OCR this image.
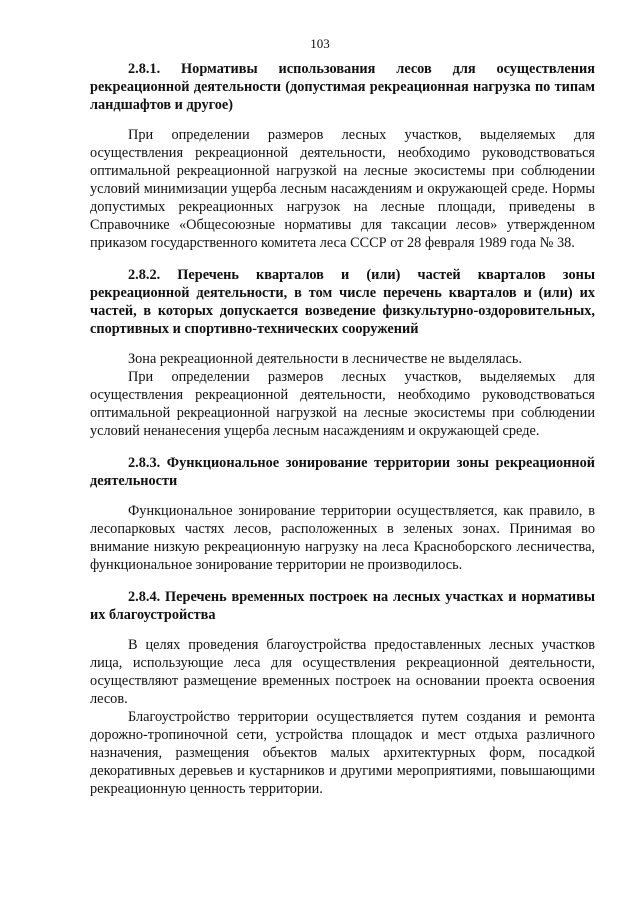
103
2.8.1. Нормативы использования лесов для осуществления рекреационной деятельности (допустимая рекреационная нагрузка по типам ландшафтов и другое)

При определении размеров лесных участков, выделяемых для осуществления рекреационной деятельности, необходимо руководствоваться оптимальной рекреационной нагрузкой на лесные экосистемы при соблюдении условий минимизации ущерба лесным насаждениям и окружающей среде. Нормы допустимых рекреационных нагрузок на лесные площади, приведены в Справочнике «Общесоюзные нормативы для таксации лесов» утвержденном приказом государственного комитета леса СССР от 28 февраля 1989 года № 38.

2.8.2. Перечень кварталов и (или) частей кварталов зоны рекреационной деятельности, в том числе перечень кварталов и (или) их частей, в которых допускается возведение физкультурно-оздоровительных, спортивных и спортивно-технических сооружений

Зона рекреационной деятельности в лесничестве не выделялась.

При определении размеров лесных участков, выделяемых для осуществления рекреационной деятельности, необходимо руководствоваться оптимальной рекреационной нагрузкой на лесные экосистемы при соблюдении условий ненанесения ущерба лесным насаждениям и окружающей среде.

2.8.3. Функциональное зонирование территории зоны рекреационной деятельности

Функциональное зонирование территории осуществляется, как правило, в лесопарковых частях лесов, расположенных в зеленых зонах. Принимая во внимание низкую рекреационную нагрузку на леса Красноборского лесничества, функциональное зонирование территории не производилось.

2.8.4. Перечень временных построек на лесных участках и нормативы их благоустройства

В целях проведения благоустройства предоставленных лесных участков лица, использующие леса для осуществления рекреационной деятельности, осуществляют размещение временных построек на основании проекта освоения лесов.

Благоустройство территории осуществляется путем создания и ремонта дорожно-тропиночной сети, устройства площадок и мест отдыха различного назначения, размещения объектов малых архитектурных форм, посадкой декоративных деревьев и кустарников и другими мероприятиями, повышающими рекреационную ценность территории.
